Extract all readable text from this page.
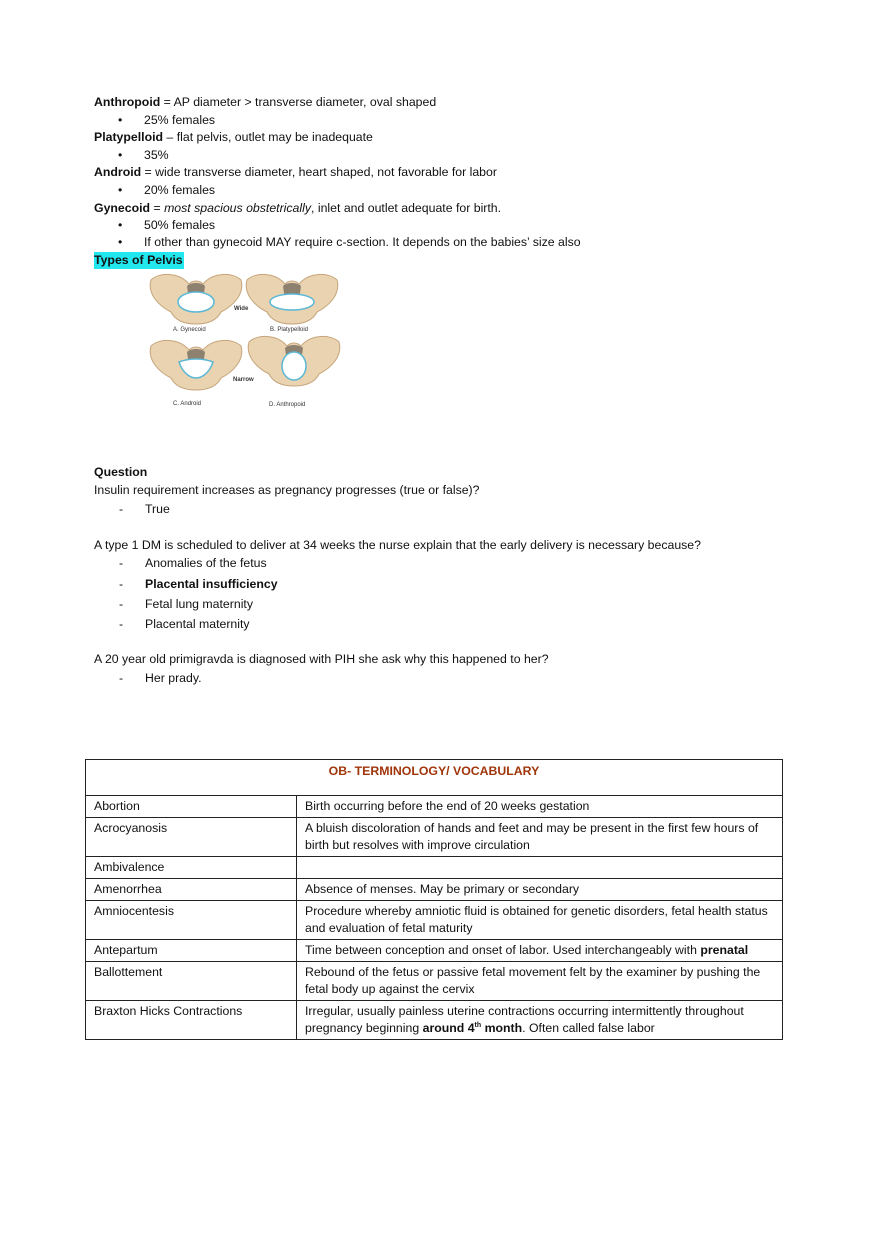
Anthropoid = AP diameter > transverse diameter, oval shaped
• 25% females
Platypelloid – flat pelvis, outlet may be inadequate
• 35%
Android = wide transverse diameter, heart shaped, not favorable for labor
• 20% females
Gynecoid = most spacious obstetrically, inlet and outlet adequate for birth.
• 50% females
• If other than gynecoid MAY require c-section. It depends on the babies’ size also
Types of Pelvis
A. Gynecoid	B. Platypelloid
C. Android	D. Anthropoid
Wide
Narrow
Question
Insulin requirement increases as pregnancy progresses (true or false)?
- True
A type 1 DM is scheduled to deliver at 34 weeks the nurse explain that the early delivery is necessary because?
- Anomalies of the fetus
- Placental insufficiency
- Fetal lung maternity
- Placental maternity
A 20 year old primigravda is diagnosed with PIH she ask why this happened to her?
- Her prady.
OB- TERMINOLOGY/ VOCABULARY	
Abortion	Birth occurring before the end of 20 weeks gestation
Acrocyanosis	A bluish discoloration of hands and feet and may be present in the first few hours of birth but resolves with improve circulation
Ambivalence	
Amenorrhea	Absence of menses. May be primary or secondary
Amniocentesis	Procedure whereby amniotic fluid is obtained for genetic disorders, fetal health status and evaluation of fetal maturity
Antepartum	Time between conception and onset of labor. Used interchangeably with prenatal
Ballottement	Rebound of the fetus or passive fetal movement felt by the examiner by pushing the fetal body up against the cervix
Braxton Hicks Contractions	Irregular, usually painless uterine contractions occurring intermittently throughout pregnancy beginning around 4th month. Often called false labor
